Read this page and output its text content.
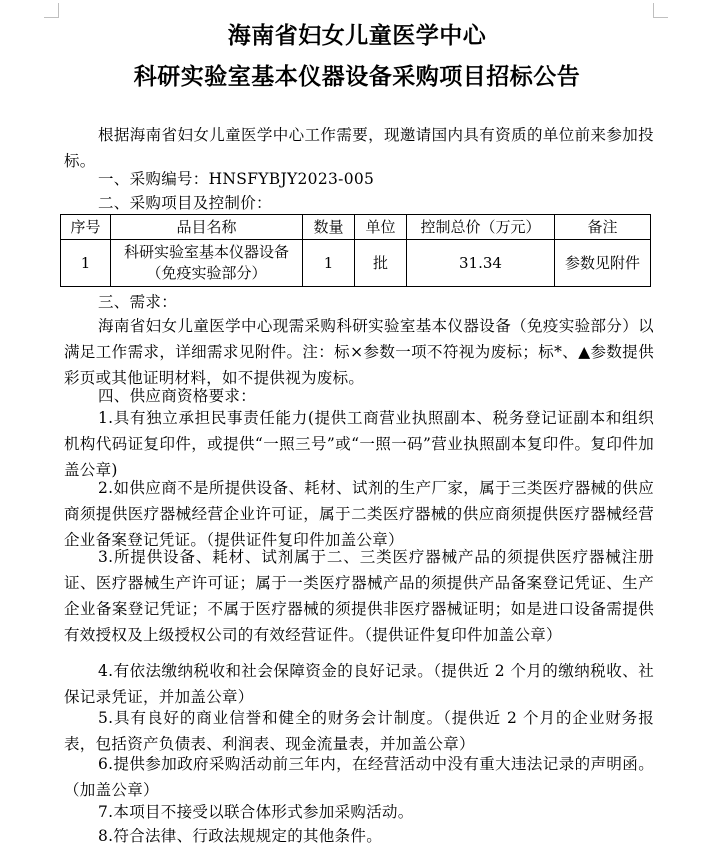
海南省妇女儿童医学中心
科研实验室基本仪器设备采购项目招标公告
根据海南省妇女儿童医学中心工作需要，现邀请国内具有资质的单位前来参加投标。
一、采购编号：HNSFYBJY2023-005
二、采购项目及控制价：
序号	品目名称	数量	单位	控制总价（万元）	备注
1	科研实验室基本仪器设备（免疫实验部分）	1	批	31.34	参数见附件
三、需求：
海南省妇女儿童医学中心现需采购科研实验室基本仪器设备（免疫实验部分）以满足工作需求，详细需求见附件。注：标×参数一项不符视为废标；标*、▲参数提供彩页或其他证明材料，如不提供视为废标。
四、供应商资格要求：
1.具有独立承担民事责任能力(提供工商营业执照副本、税务登记证副本和组织机构代码证复印件，或提供“一照三号”或“一照一码”营业执照副本复印件。复印件加盖公章)
2.如供应商不是所提供设备、耗材、试剂的生产厂家，属于三类医疗器械的供应商须提供医疗器械经营企业许可证，属于二类医疗器械的供应商须提供医疗器械经营企业备案登记凭证。（提供证件复印件加盖公章）
3.所提供设备、耗材、试剂属于二、三类医疗器械产品的须提供医疗器械注册证、医疗器械生产许可证；属于一类医疗器械产品的须提供产品备案登记凭证、生产企业备案登记凭证；不属于医疗器械的须提供非医疗器械证明；如是进口设备需提供有效授权及上级授权公司的有效经营证件。（提供证件复印件加盖公章）
4.有依法缴纳税收和社会保障资金的良好记录。（提供近 2 个月的缴纳税收、社保记录凭证，并加盖公章）
5.具有良好的商业信誉和健全的财务会计制度。（提供近 2 个月的企业财务报表，包括资产负债表、利润表、现金流量表，并加盖公章）
6.提供参加政府采购活动前三年内，在经营活动中没有重大违法记录的声明函。（加盖公章）
7.本项目不接受以联合体形式参加采购活动。
8.符合法律、行政法规规定的其他条件。
